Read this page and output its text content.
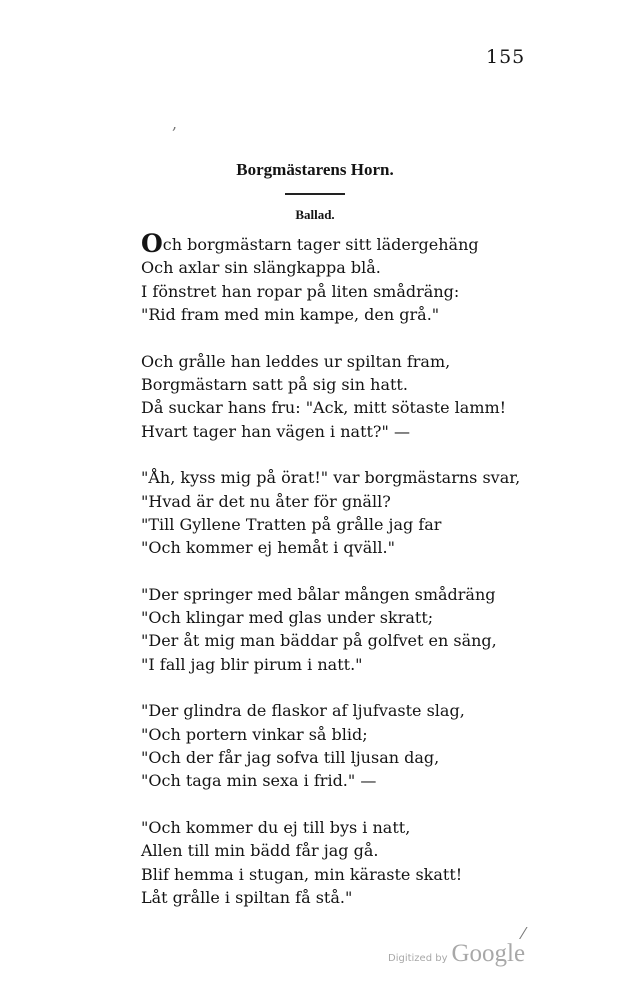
155
,
⁄
Borgmästarens Horn.
Ballad.
Och borgmästarn tager sitt lädergehäng
Och axlar sin slängkappa blå.
I fönstret han ropar på liten smådräng:
"Rid fram med min kampe, den grå."
Och grålle han leddes ur spiltan fram,
Borgmästarn satt på sig sin hatt.
Då suckar hans fru: "Ack, mitt sötaste lamm!
Hvart tager han vägen i natt?" —
"Åh, kyss mig på örat!" var borgmästarns svar,
"Hvad är det nu åter för gnäll?
"Till Gyllene Tratten på grålle jag far
"Och kommer ej hemåt i qväll."
"Der springer med bålar mången smådräng
"Och klingar med glas under skratt;
"Der åt mig man bäddar på golfvet en säng,
"I fall jag blir pirum i natt."
"Der glindra de flaskor af ljufvaste slag,
"Och portern vinkar så blid;
"Och der får jag sofva till ljusan dag,
"Och taga min sexa i frid." —
"Och kommer du ej till bys i natt,
Allen till min bädd får jag gå.
Blif hemma i stugan, min käraste skatt!
Låt grålle i spiltan få stå."
Digitized by Google
